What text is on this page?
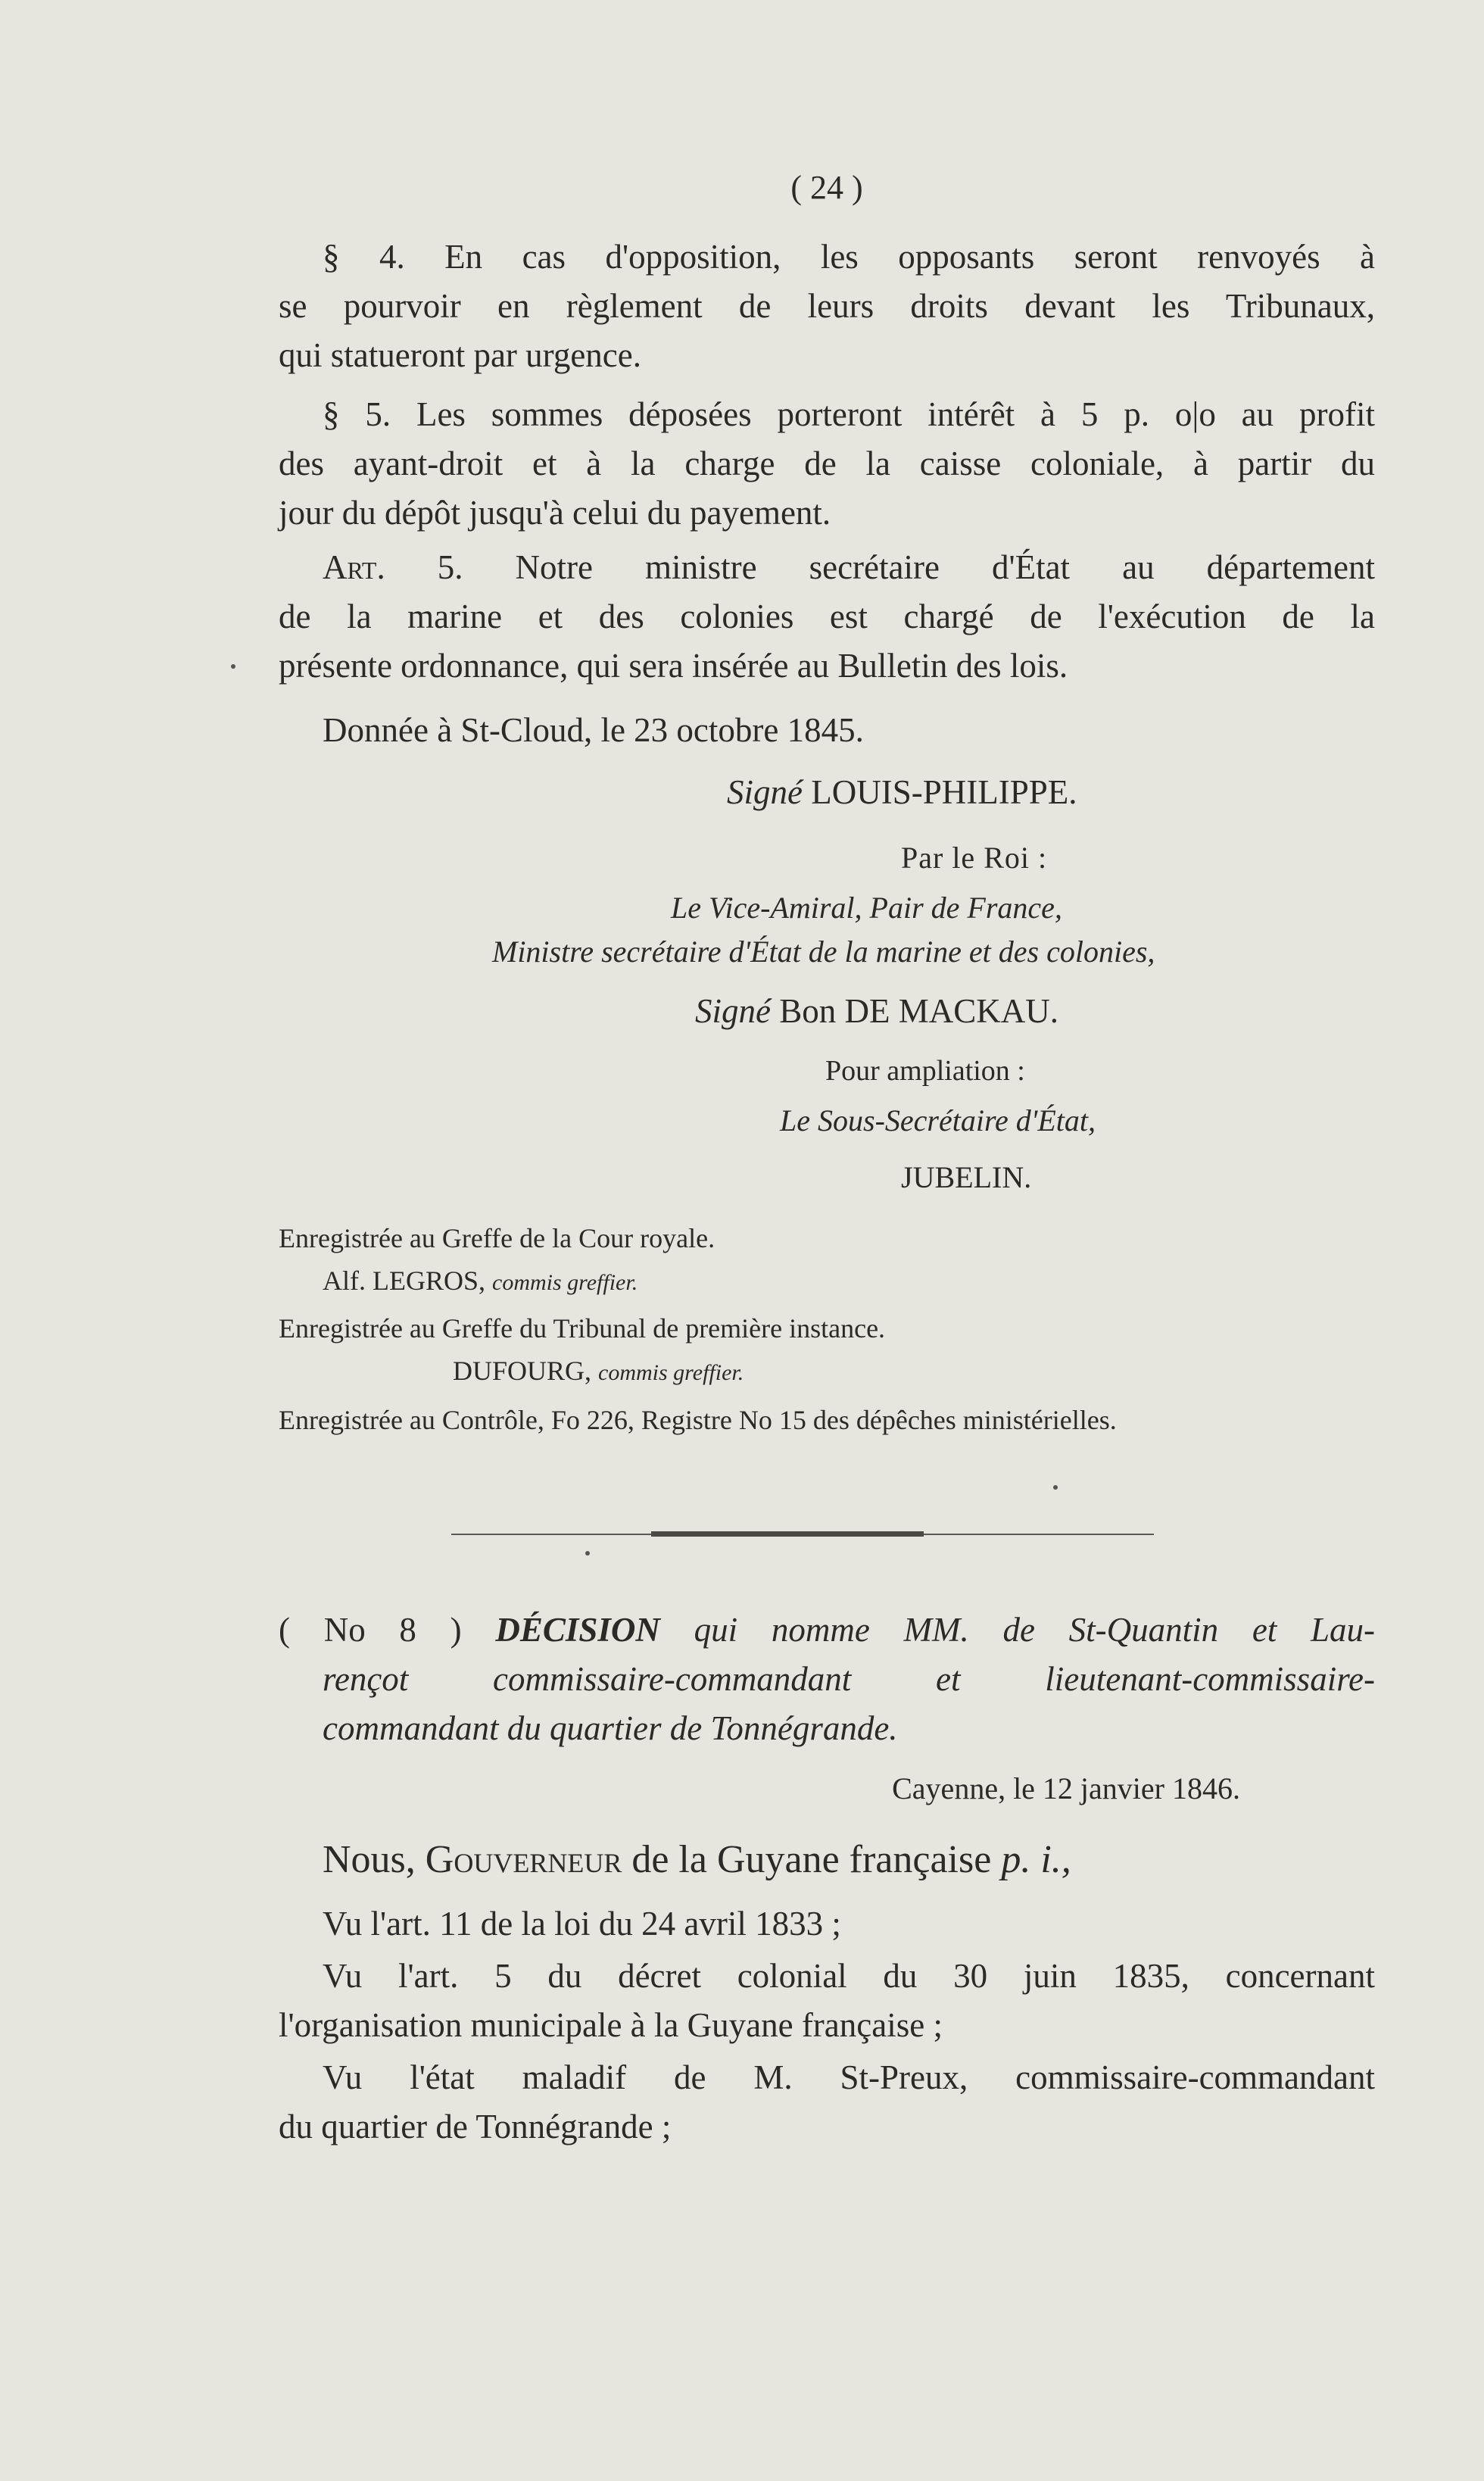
( 24 )

§ 4. En cas d'opposition, les opposants seront renvoyés à

se pourvoir en règlement de leurs droits devant les Tribunaux,

qui statueront par urgence.

§ 5. Les sommes déposées porteront intérêt à 5 p. o|o au profit

des ayant-droit et à la charge de la caisse coloniale, à partir du

jour du dépôt jusqu'à celui du payement.

Art. 5. Notre ministre secrétaire d'État au département

de la marine et des colonies est chargé de l'exécution de la

présente ordonnance, qui sera insérée au Bulletin des lois.

Donnée à St-Cloud, le 23 octobre 1845.

Signé LOUIS-PHILIPPE.

Par le Roi :

Le Vice-Amiral, Pair de France,

Ministre secrétaire d'État de la marine et des colonies,

Signé Bon DE MACKAU.

Pour ampliation :

Le Sous-Secrétaire d'État,

JUBELIN.

Enregistrée au Greffe de la Cour royale.

Alf. LEGROS, commis greffier.

Enregistrée au Greffe du Tribunal de première instance.

DUFOURG, commis greffier.

Enregistrée au Contrôle, Fo 226, Registre No 15 des dépêches ministérielles.

( No 8 ) DÉCISION qui nomme MM. de St-Quantin et Lau-

rençot commissaire-commandant et lieutenant-commissaire-

commandant du quartier de Tonnégrande.

Cayenne, le 12 janvier 1846.

Nous, Gouverneur de la Guyane française p. i.,

Vu l'art. 11 de la loi du 24 avril 1833 ;

Vu l'art. 5 du décret colonial du 30 juin 1835, concernant

l'organisation municipale à la Guyane française ;

Vu l'état maladif de M. St-Preux, commissaire-commandant

du quartier de Tonnégrande ;
